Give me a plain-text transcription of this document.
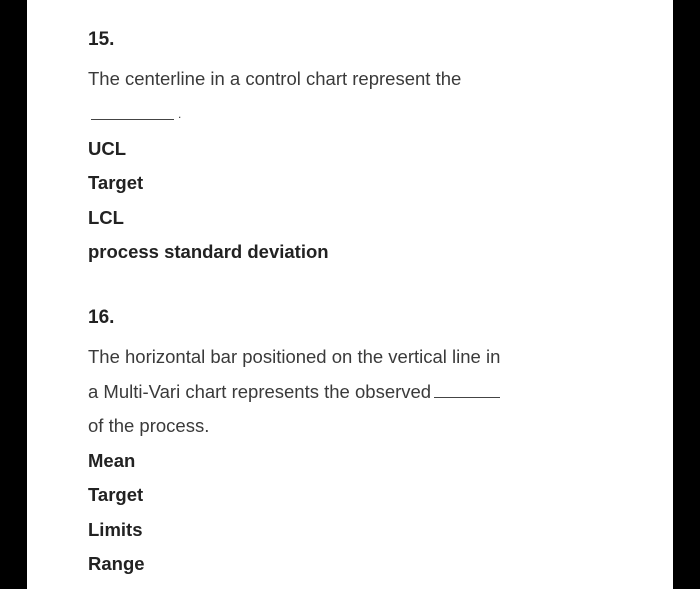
15.

The centerline in a control chart represent the

.

UCL
Target
LCL
process standard deviation

16.

The horizontal bar positioned on the vertical line in
a Multi-Vari chart represents the observed
of the process.

Mean
Target
Limits
Range
